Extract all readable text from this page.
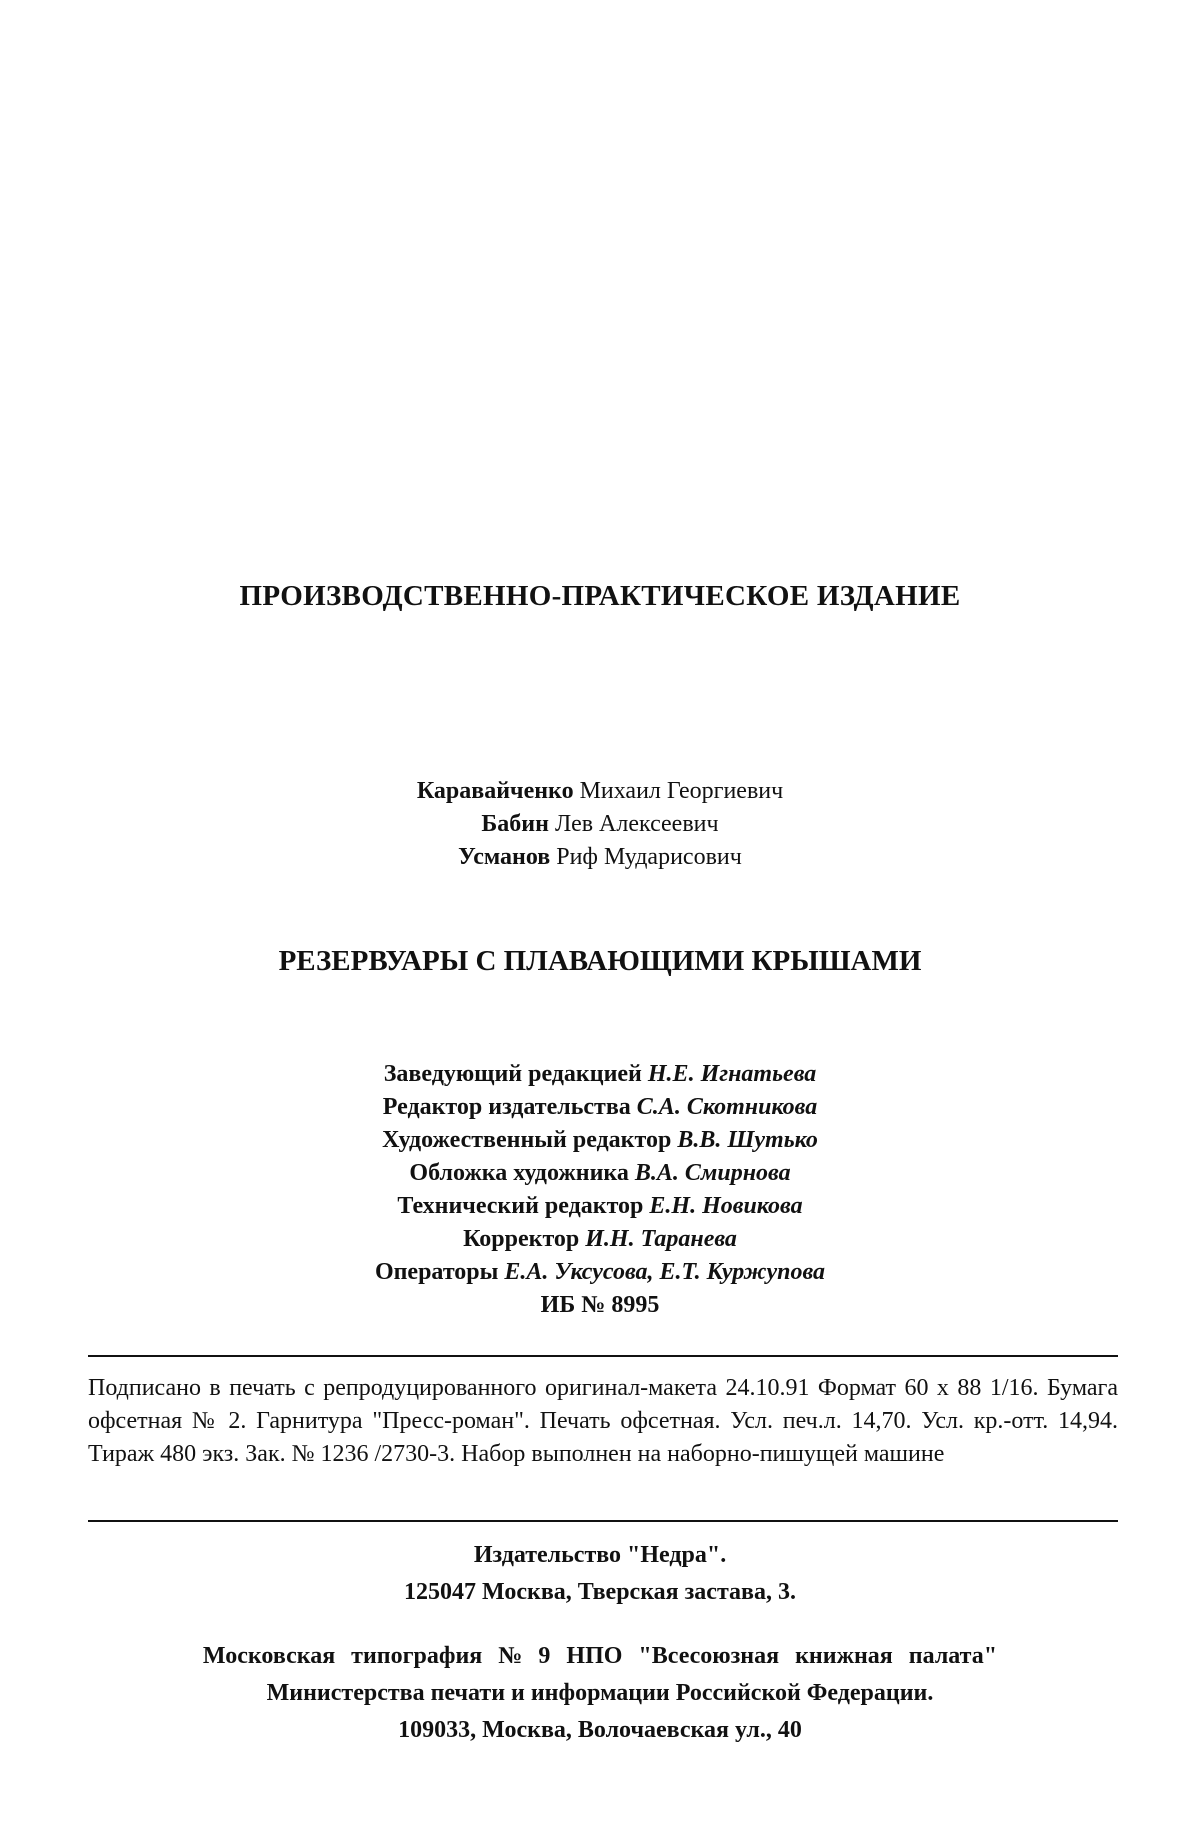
ПРОИЗВОДСТВЕННО-ПРАКТИЧЕСКОЕ ИЗДАНИЕ
Каравайченко Михаил Георгиевич
Бабин Лев Алексеевич
Усманов Риф Мударисович
РЕЗЕРВУАРЫ С ПЛАВАЮЩИМИ КРЫШАМИ
Заведующий редакцией Н.Е. Игнатьева
Редактор издательства С.А. Скотникова
Художественный редактор В.В. Шутько
Обложка художника В.А. Смирнова
Технический редактор Е.Н. Новикова
Корректор И.Н. Таранева
Операторы Е.А. Уксусова, Е.Т. Куржупова
ИБ № 8995
Подписано в печать с репродуцированного оригинал-макета 24.10.91 Формат 60 x 88 1/16. Бумага офсетная № 2. Гарнитура "Пресс-роман". Печать офсетная. Усл. печ.л. 14,70. Усл. кр.-отт. 14,94. Тираж 480 экз. Зак. № 1236 /2730-3. Набор выполнен на наборно-пишущей машине
Издательство "Недра".
125047 Москва, Тверская застава, 3.
Московская типография № 9 НПО "Всесоюзная книжная палата"
Министерства печати и информации Российской Федерации.
109033, Москва, Волочаевская ул., 40
